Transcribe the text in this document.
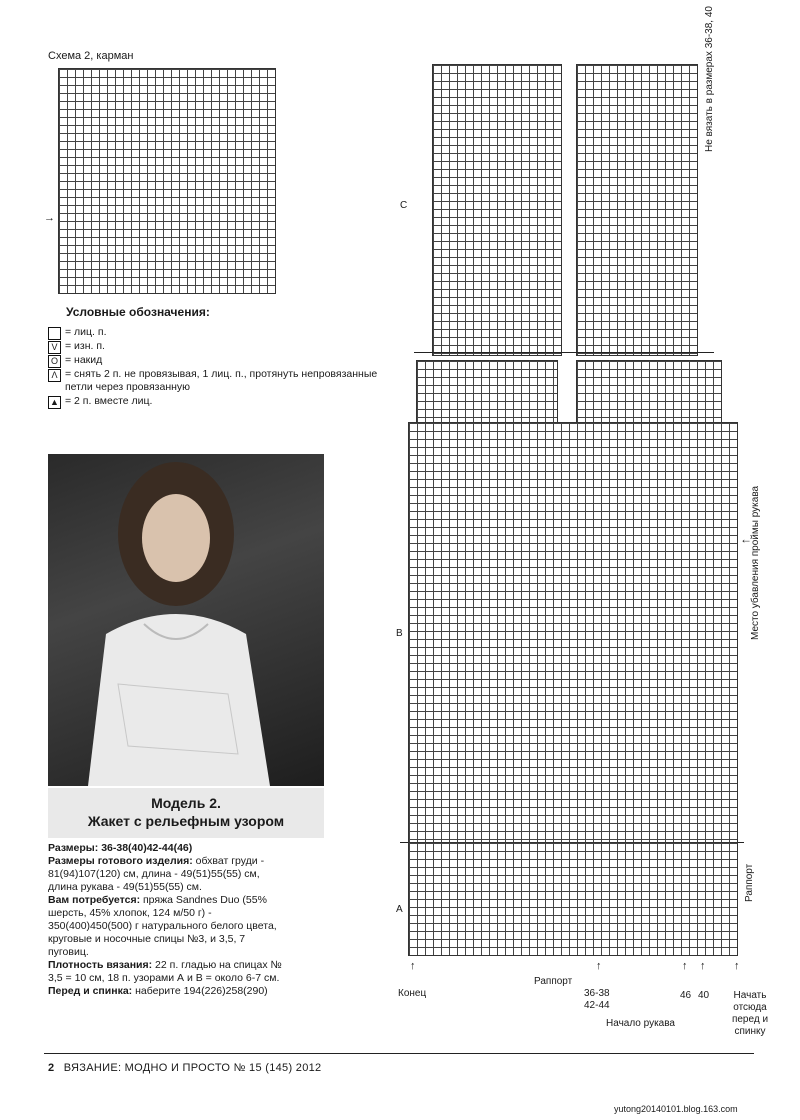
Схема 2, карман
→
Условные обозначения:
= лиц. п.
V = изн. п.
O = накид
Λ = снять 2 п. не провязывая, 1 лиц. п., протянуть непровязанные петли через провязанную
▲ = 2 п. вместе лиц.
Модель 2.
Жакет с рельефным узором

Размеры: 36-38(40)42-44(46)

Размеры готового изделия: обхват груди - 81(94)107(120) см, длина - 49(51)55(55) см, длина рукава - 49(51)55(55) см.

Вам потребуется: пряжа Sandnes Duo (55% шерсть, 45% хлопок, 124 м/50 г) - 350(400)450(500) г натурального белого цвета, круговые и носочные спицы №3, и 3,5, 7 пуговиц.

Плотность вязания: 22 п. гладью на спицах № 3,5 = 10 см, 18 п. узорами А и В = около 6-7 см.

Перед и спинка: наберите 194(226)258(290)

С
В
А
Не вязать в размерах 36-38, 40
Место убавления проймы рукава
←
Раппорт
↑
Конец
Раппорт
↑
36-38
42-44
Начало рукава
↑
46
↑
40
↑
Начать отсюда перед и спинку
2 ВЯЗАНИЕ: МОДНО И ПРОСТО № 15 (145) 2012
yutong20140101.blog.163.com
